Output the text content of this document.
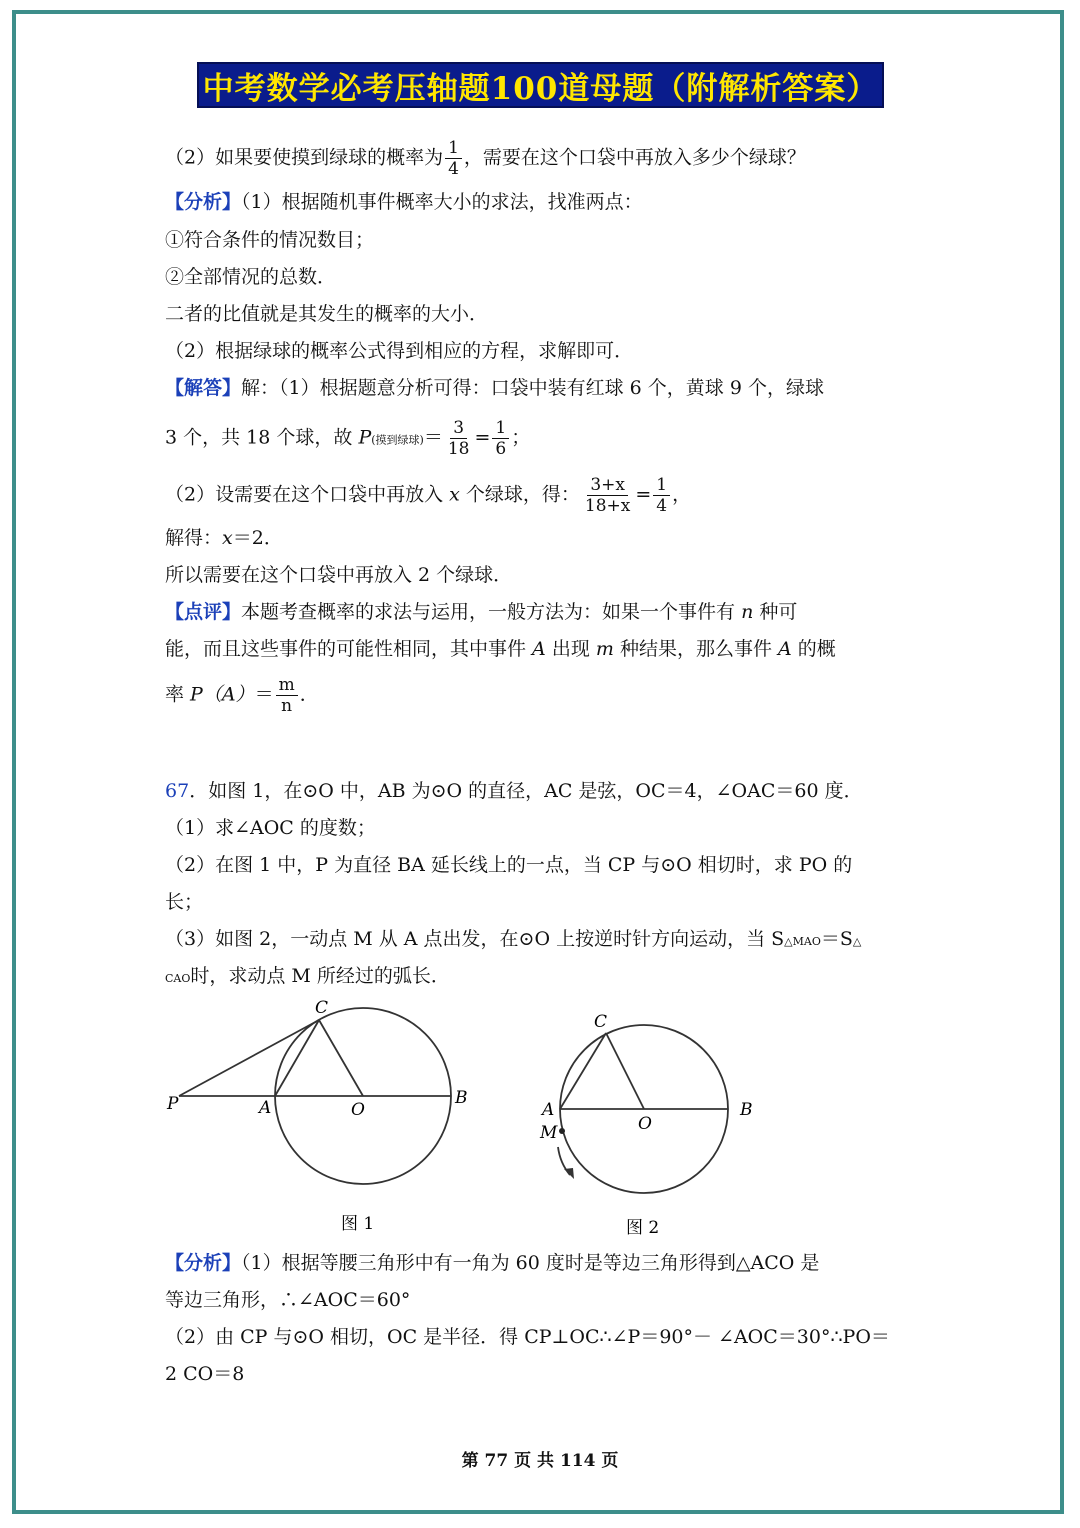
中考数学必考压轴题100道母题（附解析答案）
（2）如果要使摸到绿球的概率为 $\frac{1}{4}$ ，需要在这个口袋中再放入多少个绿球？
【分析】（1）根据随机事件概率大小的求法，找准两点：
①符合条件的情况数目；
②全部情况的总数．
二者的比值就是其发生的概率的大小．
（2）根据绿球的概率公式得到相应的方程，求解即可．
【解答】解：（1）根据题意分析可得：口袋中装有红球 6 个，黄球 9 个，绿球
3 个，共 18 个球，故 P(摸到绿球)＝ $\frac{3}{18} = \frac{1}{6}$ ；
（2）设需要在这个口袋中再放入 x 个绿球，得： $\frac{3+x}{18+x} = \frac{1}{4}$ ，
解得：x＝2．
所以需要在这个口袋中再放入 2 个绿球．
【点评】本题考查概率的求法与运用，一般方法为：如果一个事件有 n 种可
能，而且这些事件的可能性相同，其中事件 A 出现 m 种结果，那么事件 A 的概
率 $P(A)= \frac{m}{n}$ ．
67．如图 1，在⊙O 中，AB 为⊙O 的直径，AC 是弦，OC＝4，∠OAC＝60 度．
（1）求∠AOC 的度数；
（2）在图 1 中，P 为直径 BA 延长线上的一点，当 CP 与⊙O 相切时，求 PO 的
长；
（3）如图 2，一动点 M 从 A 点出发，在⊙O 上按逆时针方向运动，当 S△MAO＝S△
CAO时，求动点 M 所经过的弧长．
P	A	O
B
C
图 1
A
O
B
C
M
图 2
【分析】（1）根据等腰三角形中有一角为 60 度时是等边三角形得到△ACO 是
等边三角形，∴∠AOC＝60°
（2）由 CP 与⊙O 相切，OC 是半径．得 CP⊥OC∴∠P＝90°－ ∠AOC＝30°∴PO＝
2 CO＝8
第 77 页 共 114 页
